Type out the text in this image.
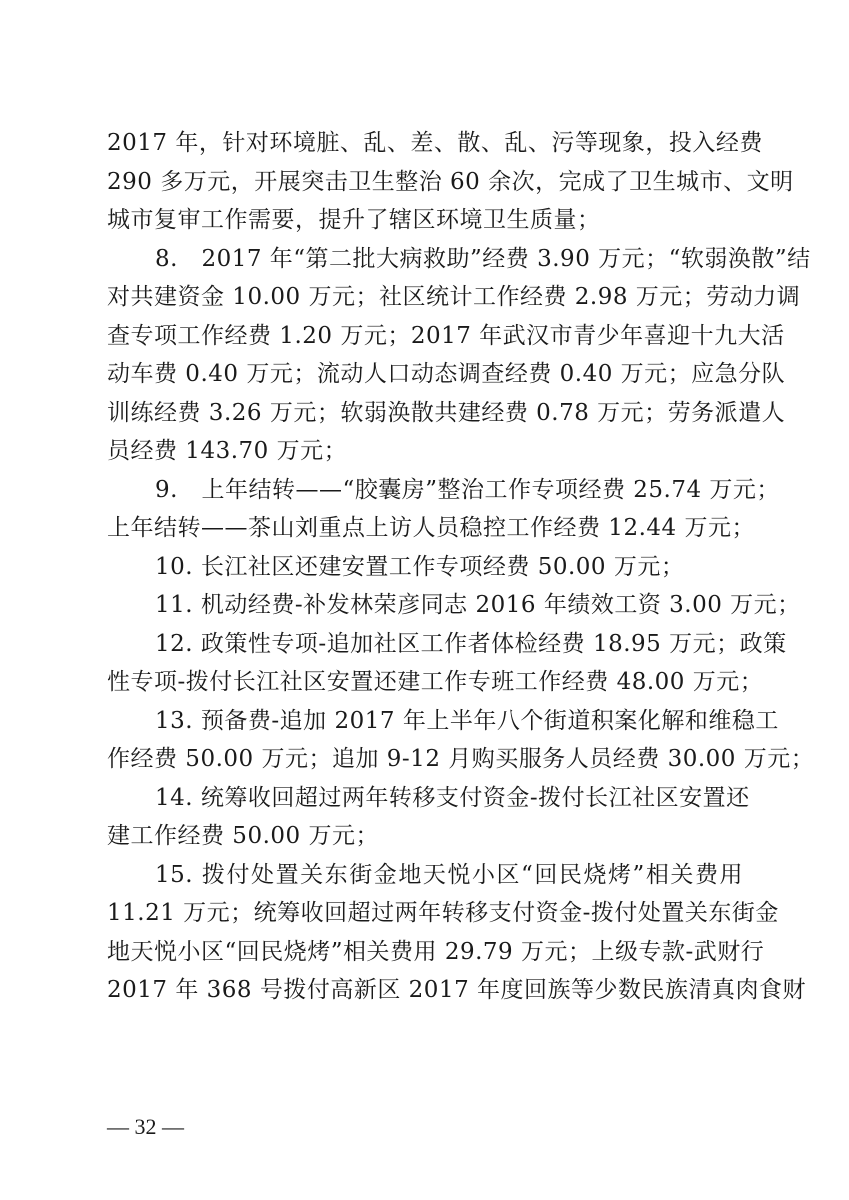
2017 年，针对环境脏、乱、差、散、乱、污等现象，投入经费
290 多万元，开展突击卫生整治 60 余次，完成了卫生城市、文明
城市复审工作需要，提升了辖区环境卫生质量；
8.　2017 年“第二批大病救助”经费 3.90 万元；“软弱涣散”结
对共建资金 10.00 万元；社区统计工作经费 2.98 万元；劳动力调
查专项工作经费 1.20 万元；2017 年武汉市青少年喜迎十九大活
动车费 0.40 万元；流动人口动态调查经费 0.40 万元；应急分队
训练经费 3.26 万元；软弱涣散共建经费 0.78 万元；劳务派遣人
员经费 143.70 万元；
9.　上年结转——“胶囊房”整治工作专项经费 25.74 万元；
上年结转——茶山刘重点上访人员稳控工作经费 12.44 万元；
10. 长江社区还建安置工作专项经费 50.00 万元；
11. 机动经费-补发林荣彦同志 2016 年绩效工资 3.00 万元；
12. 政策性专项-追加社区工作者体检经费 18.95 万元；政策
性专项-拨付长江社区安置还建工作专班工作经费 48.00 万元；
13. 预备费-追加 2017 年上半年八个街道积案化解和维稳工
作经费 50.00 万元；追加 9-12 月购买服务人员经费 30.00 万元；
14. 统筹收回超过两年转移支付资金-拨付长江社区安置还
建工作经费 50.00 万元；
15. 拨付处置关东街金地天悦小区“回民烧烤”相关费用
11.21 万元；统筹收回超过两年转移支付资金-拨付处置关东街金
地天悦小区“回民烧烤”相关费用 29.79 万元；上级专款-武财行
2017 年 368 号拨付高新区 2017 年度回族等少数民族清真肉食财
— 32 —
